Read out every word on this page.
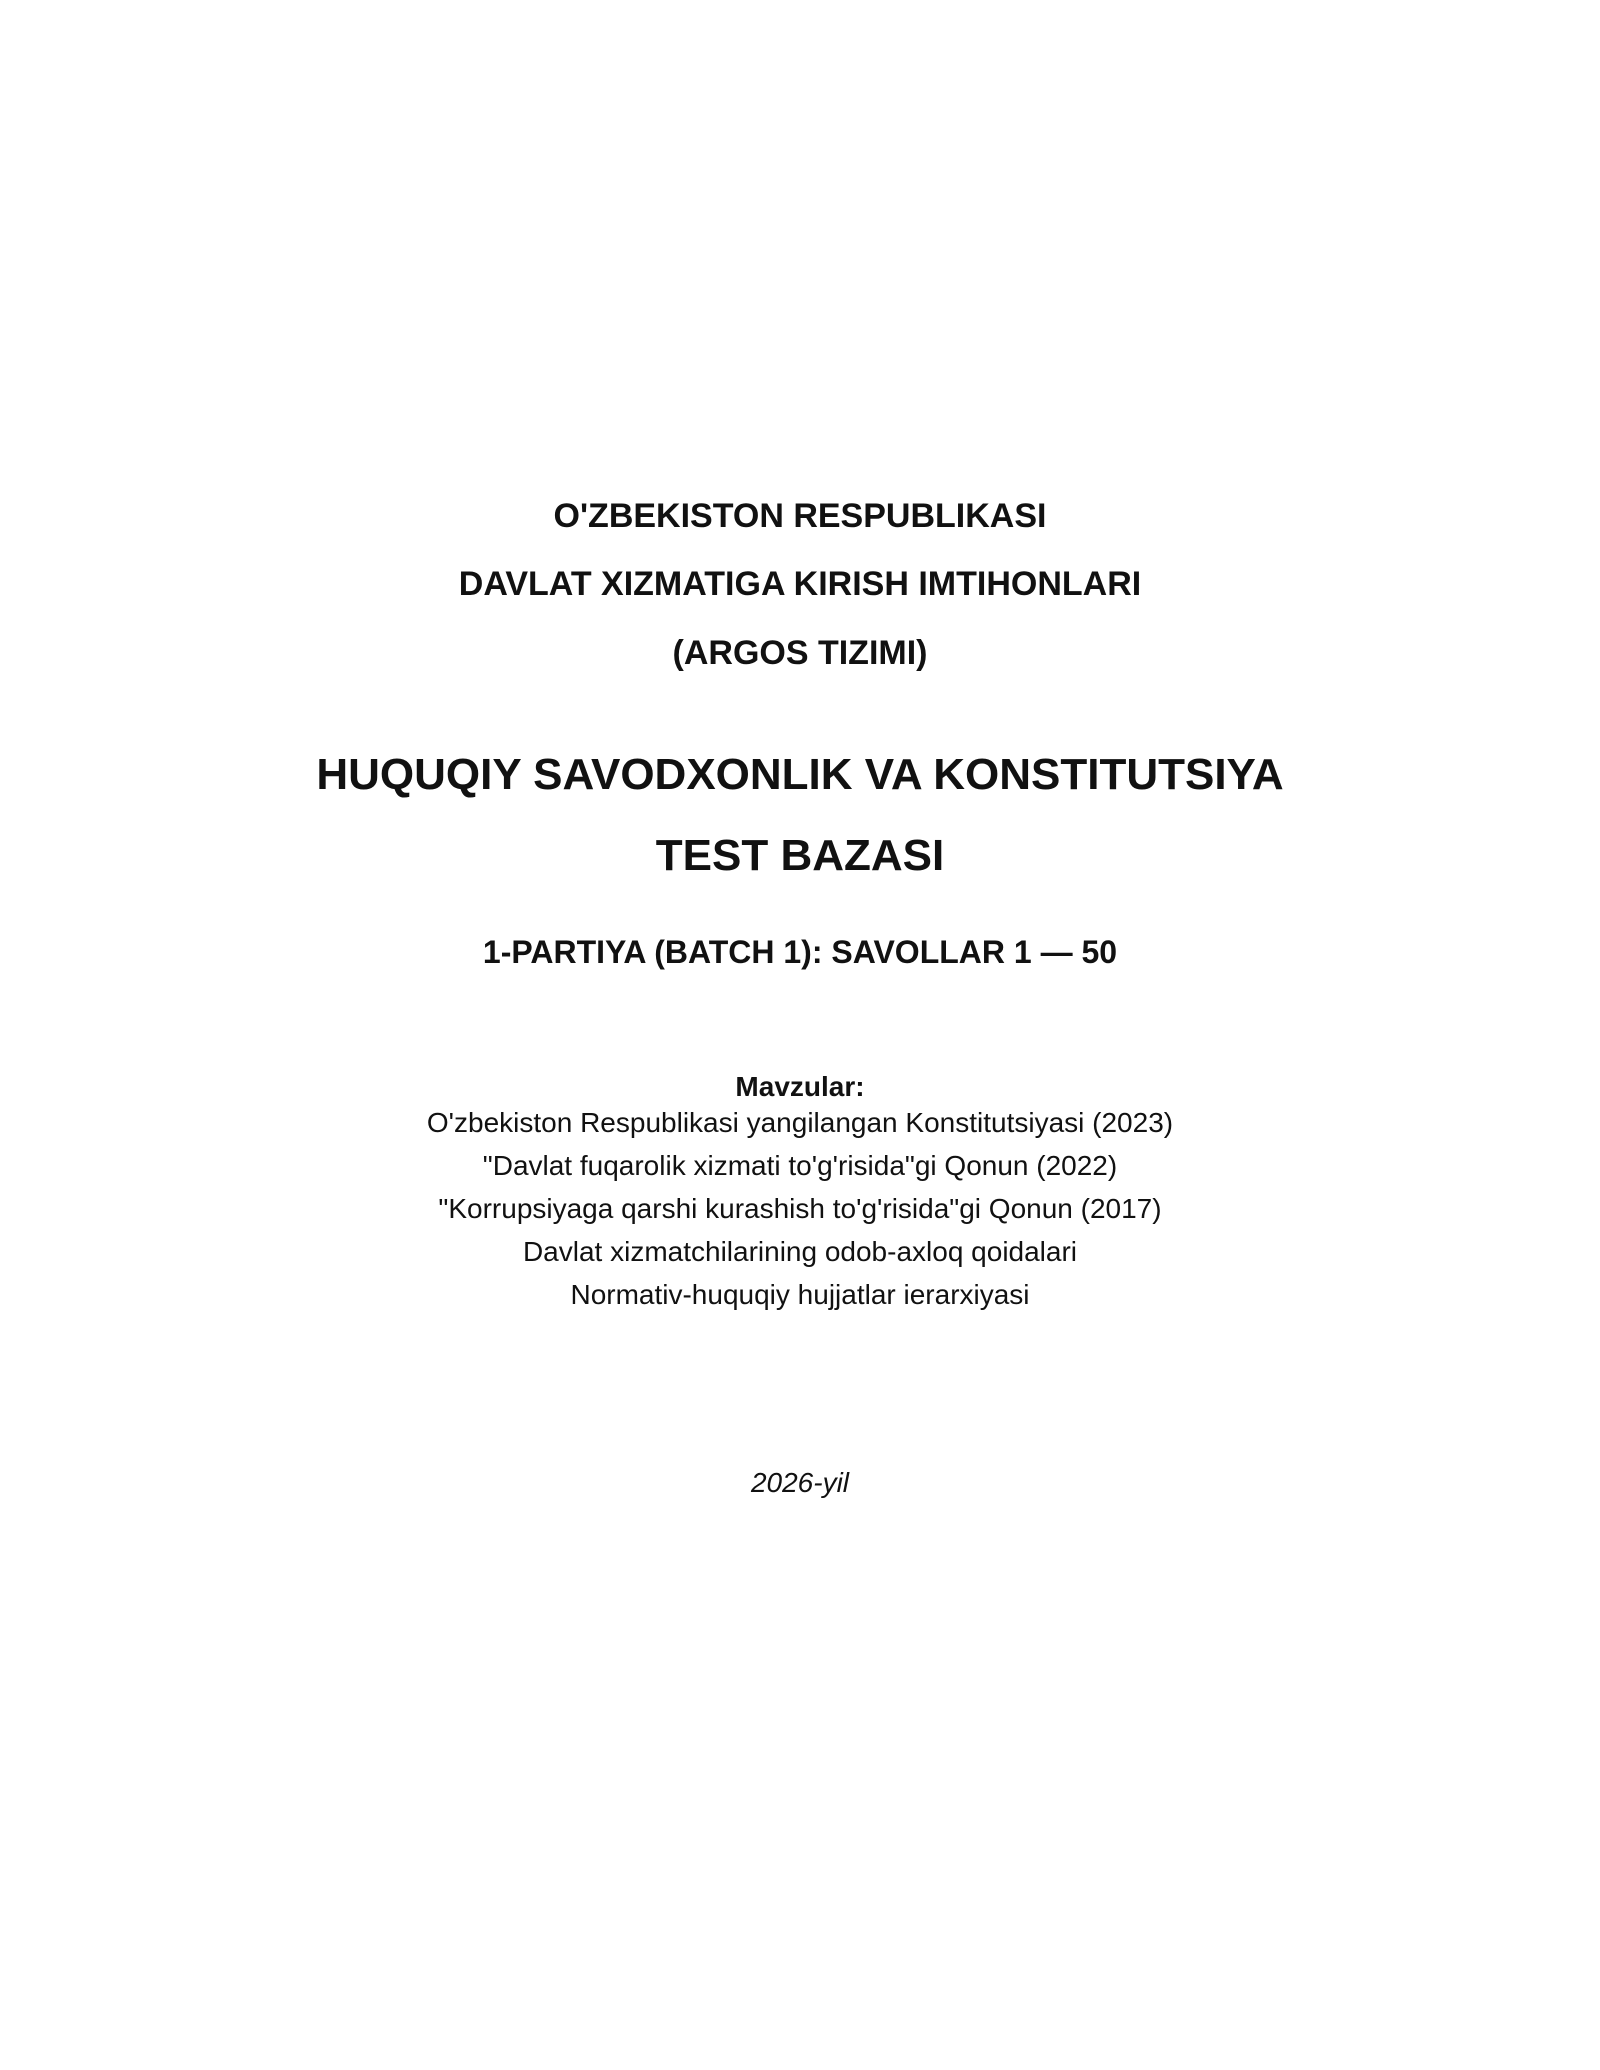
O'ZBEKISTON RESPUBLIKASI
DAVLAT XIZMATIGA KIRISH IMTIHONLARI
(ARGOS TIZIMI)
HUQUQIY SAVODXONLIK VA KONSTITUTSIYA
TEST BAZASI
1-PARTIYA (BATCH 1): SAVOLLAR 1 — 50
Mavzular:
O'zbekiston Respublikasi yangilangan Konstitutsiyasi (2023)
"Davlat fuqarolik xizmati to'g'risida"gi Qonun (2022)
"Korrupsiyaga qarshi kurashish to'g'risida"gi Qonun (2017)
Davlat xizmatchilarining odob-axloq qoidalari
Normativ-huquqiy hujjatlar ierarxiyasi
2026-yil
